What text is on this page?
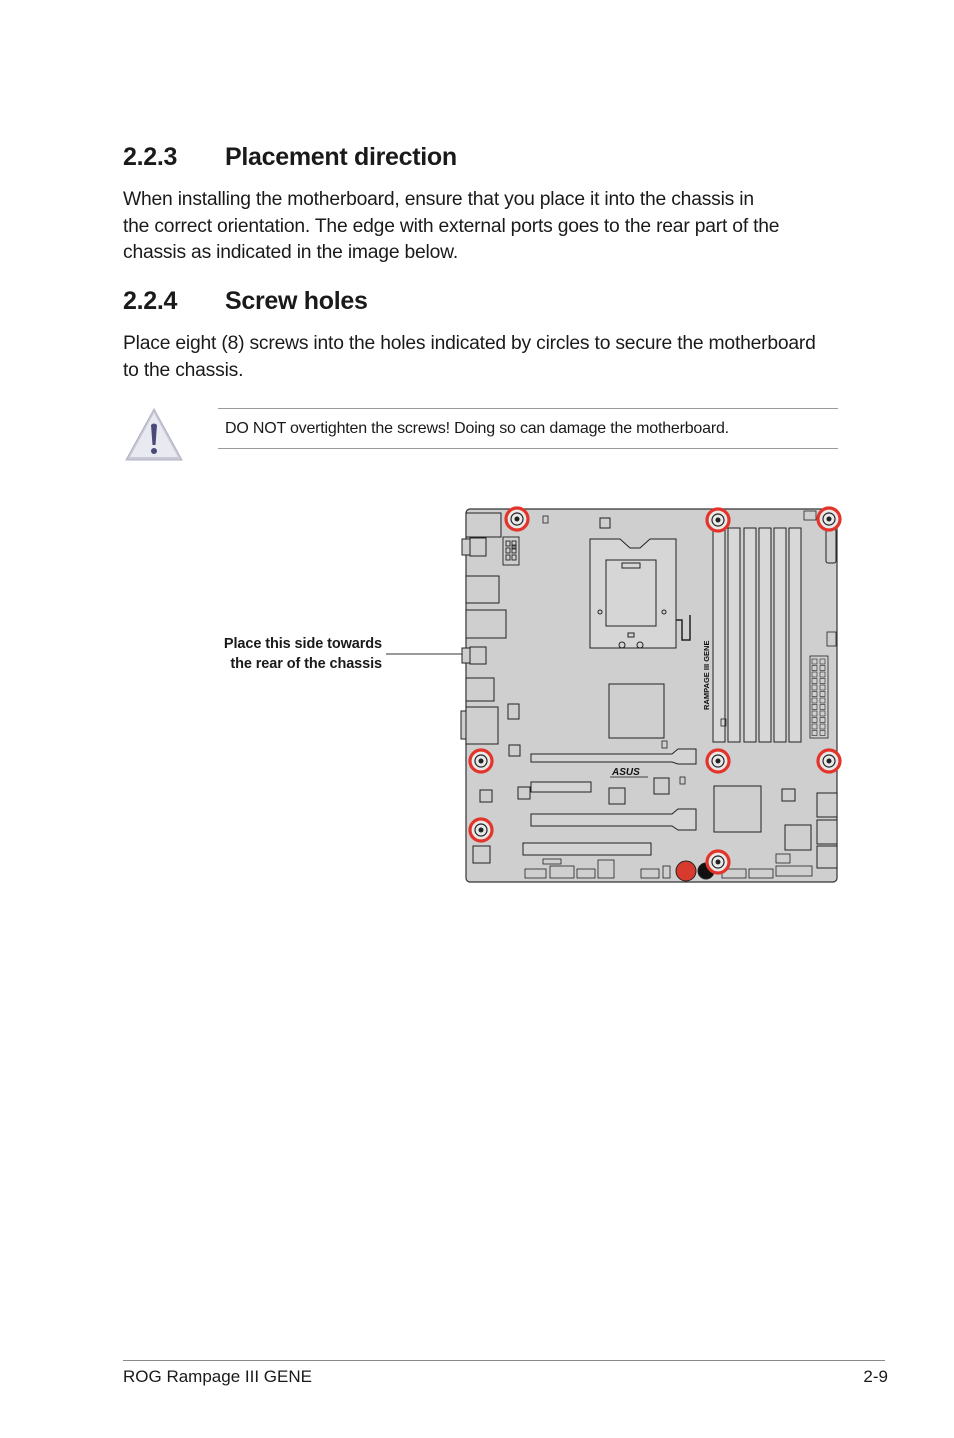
2.2.3	Placement direction
When installing the motherboard, ensure that you place it into the chassis in
the correct orientation. The edge with external ports goes to the rear part of the
chassis as indicated in the image below.
2.2.4	Screw holes
Place eight (8) screws into the holes indicated by circles to secure the motherboard
to the chassis.
DO NOT overtighten the screws! Doing so can damage the motherboard.
Place this side towards
the rear of the chassis	RAMPAGE III GENE
ASUS
ROG Rampage III GENE	2-9
